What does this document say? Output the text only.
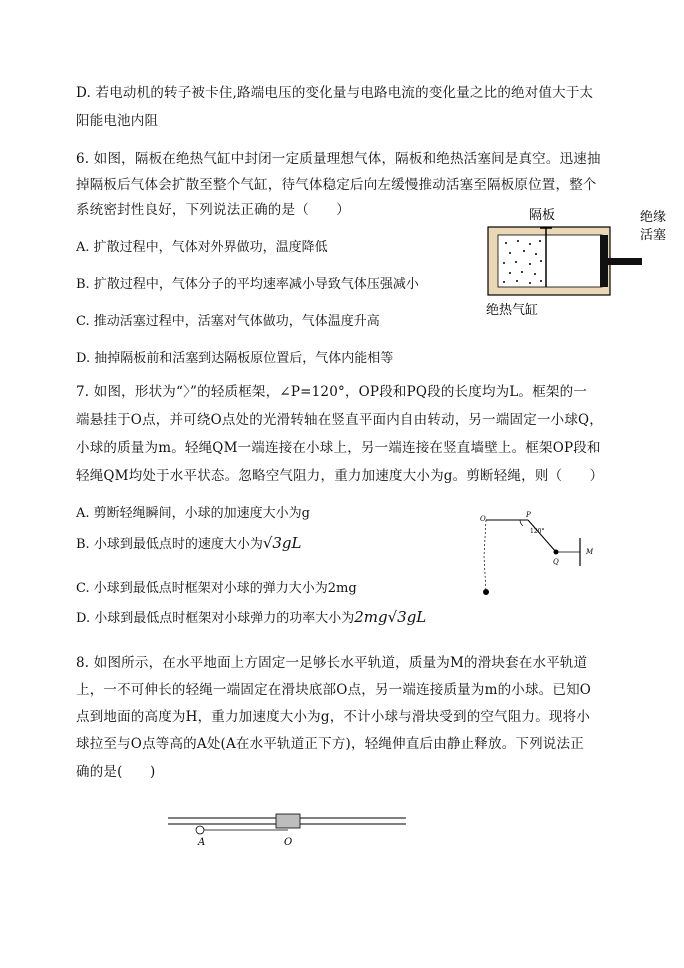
D. 若电动机的转子被卡住,路端电压的变化量与电路电流的变化量之比的绝对值大于太
阳能电池内阻
6. 如图，隔板在绝热气缸中封闭一定质量理想气体，隔板和绝热活塞间是真空。迅速抽
掉隔板后气体会扩散至整个气缸，待气体稳定后向左缓慢推动活塞至隔板原位置，整个
系统密封性良好，下列说法正确的是（　　）
A. 扩散过程中，气体对外界做功，温度降低
B. 扩散过程中，气体分子的平均速率减小导致气体压强减小
C. 推动活塞过程中，活塞对气体做功，气体温度升高
D. 抽掉隔板前和活塞到达隔板原位置后，气体内能相等
隔板	绝缘
活塞
绝热气缸
7. 如图，形状为“〉”的轻质框架，∠P=120°，OP段和PQ段的长度均为L。框架的一
端悬挂于O点，并可绕O点处的光滑转轴在竖直平面内自由转动，另一端固定一小球Q，
小球的质量为m。轻绳QM一端连接在小球上，另一端连接在竖直墙壁上。框架OP段和
轻绳QM均处于水平状态。忽略空气阻力，重力加速度大小为g。剪断轻绳，则（　　）
A. 剪断轻绳瞬间，小球的加速度大小为g
B. 小球到最低点时的速度大小为√3gL
C. 小球到最低点时框架对小球的弹力大小为2mg
D. 小球到最低点时框架对小球弹力的功率大小为2mg√3gL
O	P
120°
Q
M
8. 如图所示，在水平地面上方固定一足够长水平轨道，质量为M的滑块套在水平轨道
上，一不可伸长的轻绳一端固定在滑块底部O点，另一端连接质量为m的小球。已知O
点到地面的高度为H，重力加速度大小为g，不计小球与滑块受到的空气阻力。现将小
球拉至与O点等高的A处(A在水平轨道正下方)，轻绳伸直后由静止释放。下列说法正
确的是(　　)
A	O
